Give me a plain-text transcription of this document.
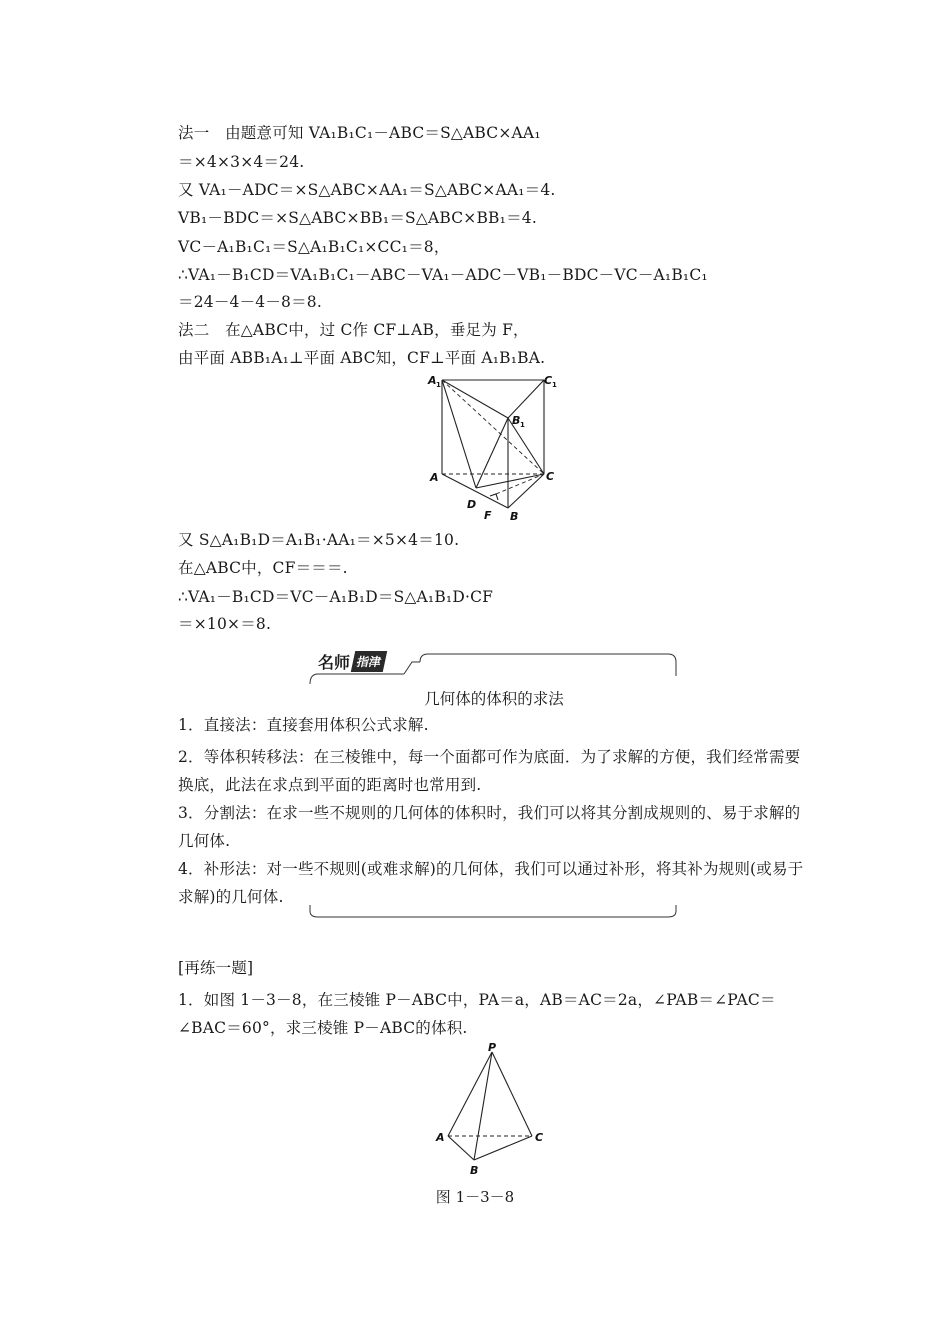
法一　由题意可知 VA₁B₁C₁－ABC＝S△ABC×AA₁
＝×4×3×4＝24.
又 VA₁－ADC＝×S△ABC×AA₁＝S△ABC×AA₁＝4.
VB₁－BDC＝×S△ABC×BB₁＝S△ABC×BB₁＝4.
VC－A₁B₁C₁＝S△A₁B₁C₁×CC₁＝8，
∴VA₁－B₁CD＝VA₁B₁C₁－ABC－VA₁－ADC－VB₁－BDC－VC－A₁B₁C₁
＝24－4－4－8＝8.
法二　在△ABC中，过 C作 CF⊥AB，垂足为 F，
由平面 ABB₁A₁⊥平面 ABC知，CF⊥平面 A₁B₁BA.
A 1	C 1
B 1
A	C
D
F B
又 S△A₁B₁D＝A₁B₁·AA₁＝×5×4＝10.
在△ABC中，CF＝＝＝.
∴VA₁－B₁CD＝VC－A₁B₁D＝S△A₁B₁D·CF
＝×10×＝8.
名师 指津
几何体的体积的求法
1．直接法：直接套用体积公式求解.
2．等体积转移法：在三棱锥中，每一个面都可作为底面．为了求解的方便，我们经常需要换底，此法在求点到平面的距离时也常用到.
3．分割法：在求一些不规则的几何体的体积时，我们可以将其分割成规则的、易于求解的几何体.
4．补形法：对一些不规则(或难求解)的几何体，我们可以通过补形，将其补为规则(或易于求解)的几何体.
[再练一题]
1．如图 1－3－8，在三棱锥 P－ABC中，PA＝a，AB＝AC＝2a，∠PAB＝∠PAC＝∠BAC＝60°，求三棱锥 P－ABC的体积.
P
A	C
B
图 1－3－8
